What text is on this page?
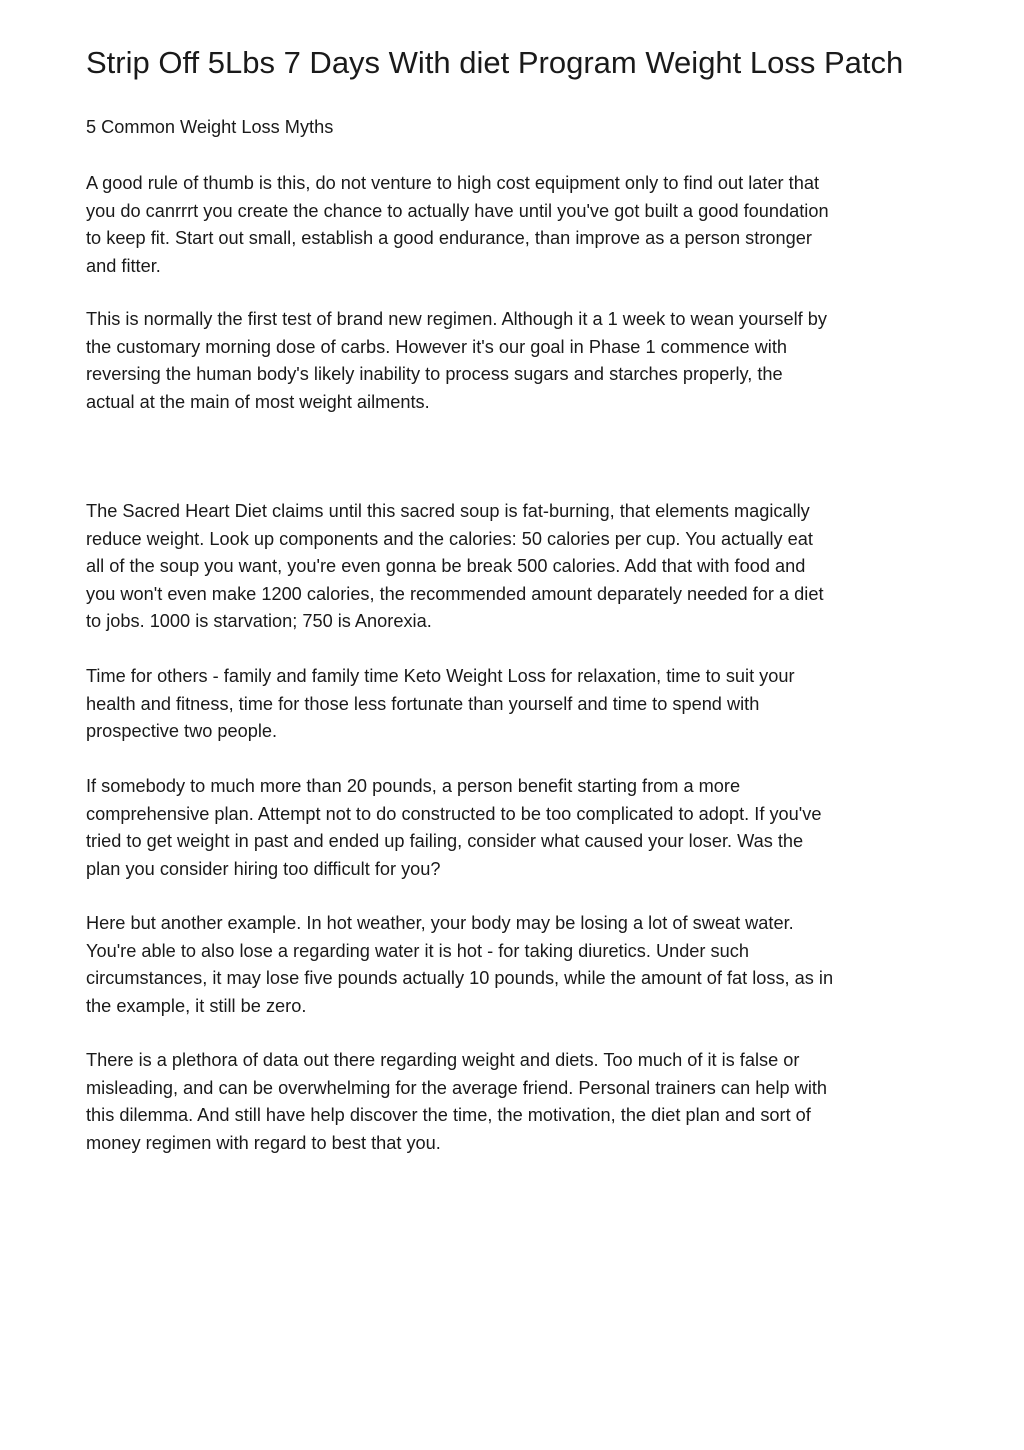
Strip Off 5Lbs 7 Days With diet Program Weight Loss Patch

5 Common Weight Loss Myths

A good rule of thumb is this, do not venture to high cost equipment only to find out later that
you do canrrrt you create the chance to actually have until you've got built a good foundation
to keep fit. Start out small, establish a good endurance, than improve as a person stronger
and fitter.

This is normally the first test of brand new regimen. Although it a 1 week to wean yourself by
the customary morning dose of carbs. However it's our goal in Phase 1 commence with
reversing the human body's likely inability to process sugars and starches properly, the
actual at the main of most weight ailments.

The Sacred Heart Diet claims until this sacred soup is fat-burning, that elements magically
reduce weight. Look up components and the calories: 50 calories per cup. You actually eat
all of the soup you want, you're even gonna be break 500 calories. Add that with food and
you won't even make 1200 calories, the recommended amount deparately needed for a diet
to jobs. 1000 is starvation; 750 is Anorexia.

Time for others - family and family time Keto Weight Loss for relaxation, time to suit your
health and fitness, time for those less fortunate than yourself and time to spend with
prospective two people.

If somebody to much more than 20 pounds, a person benefit starting from a more
comprehensive plan. Attempt not to do constructed to be too complicated to adopt. If you've
tried to get weight in past and ended up failing, consider what caused your loser. Was the
plan you consider hiring too difficult for you?

Here but another example. In hot weather, your body may be losing a lot of sweat water.
You're able to also lose a regarding water it is hot - for taking diuretics. Under such
circumstances, it may lose five pounds actually 10 pounds, while the amount of fat loss, as in
the example, it still be zero.

There is a plethora of data out there regarding weight and diets. Too much of it is false or
misleading, and can be overwhelming for the average friend. Personal trainers can help with
this dilemma. And still have help discover the time, the motivation, the diet plan and sort of
money regimen with regard to best that you.
